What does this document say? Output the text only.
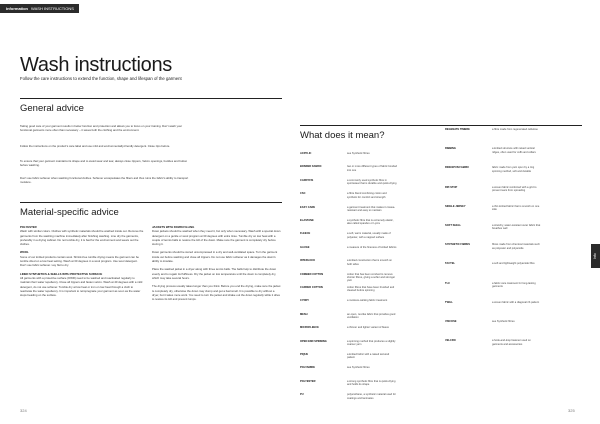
Information WASH INSTRUCTIONS
Wash instructions
Follow the care instructions to extend the function, shape and lifespan of the garment
General advice
Taking good care of your garment results in better function and protection and allows you to focus on your training. Don't wash your functional garments more often than necessary – it saves both the clothing and the environment.
Follow the instructions on the product's care label and use mild and environmentally-friendly detergent. Close zips before.
To ensure that your garment maintains its shape and to avoid wear and tear, always close zippers, Velcro openings, buckles and button before washing.
Don't use fabric softener when washing functional clothes. Softener encapsulates the fibers and thus ruins the fabric's ability to transport moisture.
Material-specific advice
POLYESTER
Wash with similar colors. Clothes with synthetic materials should be washed inside out. Remove the garments from the washing machine immediately after finishing washing. Line dry the garments, preferably in a drying cabinet. Do not tumble dry, it is bad for the environment and wears out the clothes.
WOOL
Some of our knitted products contain wool. Shrink-free tumble drying means the garment can be tumble dried on a low heat setting. Wash at 30 degrees in a wool program. Use wool detergent. Don't use fabric softener. Lay flat to dry.
LINED SYNTHETICS & SHELLS WITH PROTECTIVE SURFACE
All garments with a protective surface (DWR) need to be washed and reactivated regularly to maintain their water repellency. Close all zippers and fasten velcro. Wash at 40 degrees with a mild detergent, do not use softener. Tumble dry at low heat or iron on low heat through a cloth to reactivate the water repellency. It is important to reimpregnate your garment as soon as the water stops beading on the surface.
JACKETS WITH DOWN FILLING
Down jackets should be washed when they need it, but only when necessary. Wash with a special down detergent on a gentle or wool program at 30 degrees with extra rinse. Tumble dry on low heat with a couple of tennis balls to restore the loft of the down. Make sure the garment is completely dry before storing it.
Down garments should be stored uncompressed in a dry and well-ventilated space. Turn the garment inside out before washing and close all zippers. Do not use fabric softener as it damages the down's ability to insulate.
Place the washed jacket in a dryer along with three tennis balls. The balls help to distribute the down evenly and to regain its fluffiness. Dry the jacket on low temperature until the down is completely dry, which may take several hours.
The drying process usually takes longer than you think. Before you end the drying, make sure the jacket is completely dry, otherwise the down may clump and get a bad smell. It is possible to dry without a dryer, but it takes more work. You need to turn the jacket and shake out the down regularly while it dries to restore its loft and prevent lumps.
What does it mean?
324	325
Info
ACRYLIC	see Synthetic fibres
BONDED FABRIC	two or more different types of fabric bonded into one
CARDYFIS	a commonly used synthetic fibre in sportswear that is durable and quick-drying
CSC	a fibre blend combining cotton and synthetic for comfort and strength
EASY CARE	a garment treatment that makes it crease-resistant and easy to maintain
ELASTANE	a synthetic fibre that is extremely elastic, also called spandex or Lycra
FLEECE	a soft, warm material, usually made of polyester, with a napped surface
GAUGE	a measure of the fineness of knitted fabrics
INTERLOCK	a knitted construction that is smooth on both sides
COMBED COTTON	cotton that has been combed to remove shorter fibres, giving a softer and stronger yarn
CARDED COTTON	cotton fibres that have been brushed and cleaned before spinning
CYDRY	a moisture-wicking fabric treatment
MESH	an open, net-like fabric that provides good ventilation
MICROFLEECE	a thinner and lighter variant of fleece
OPEN END SPINNING	a spinning method that produces a slightly coarser yarn
PIQUE	a knitted fabric with a raised textured pattern
POLYAMIDE	see Synthetic fibres
POLYESTER	a strong synthetic fibre that is quick-drying and holds its shape
PU	polyurethane, a synthetic material used for coatings and laminates
REGENATE TIMBRE	a fibre made from regenerated cellulose
RIBBING	a knitted structure with raised vertical ridges, often used for cuffs and collars
RINGSPUN FABRIC	fabric made from yarn spun by a ring spinning method, soft and durable
RIP-STOP	a woven fabric reinforced with a grid to prevent tears from spreading
SINGLE JERSEY	a thin knitted fabric that is smooth on one side
SOFT SHELL	a stretchy, water-resistant outer fabric that breathes well
SYNTHETIC FIBRES	fibres made from chemical materials such as polyester and polyamide
TACTEL	a soft and lightweight polyamide fibre
TLC	a fabric care treatment for long-lasting garments
TWILL	a woven fabric with a diagonal rib pattern
VISCOSE	see Synthetic fibres
VELCRO	a hook-and-loop fastener used on garments and accessories
